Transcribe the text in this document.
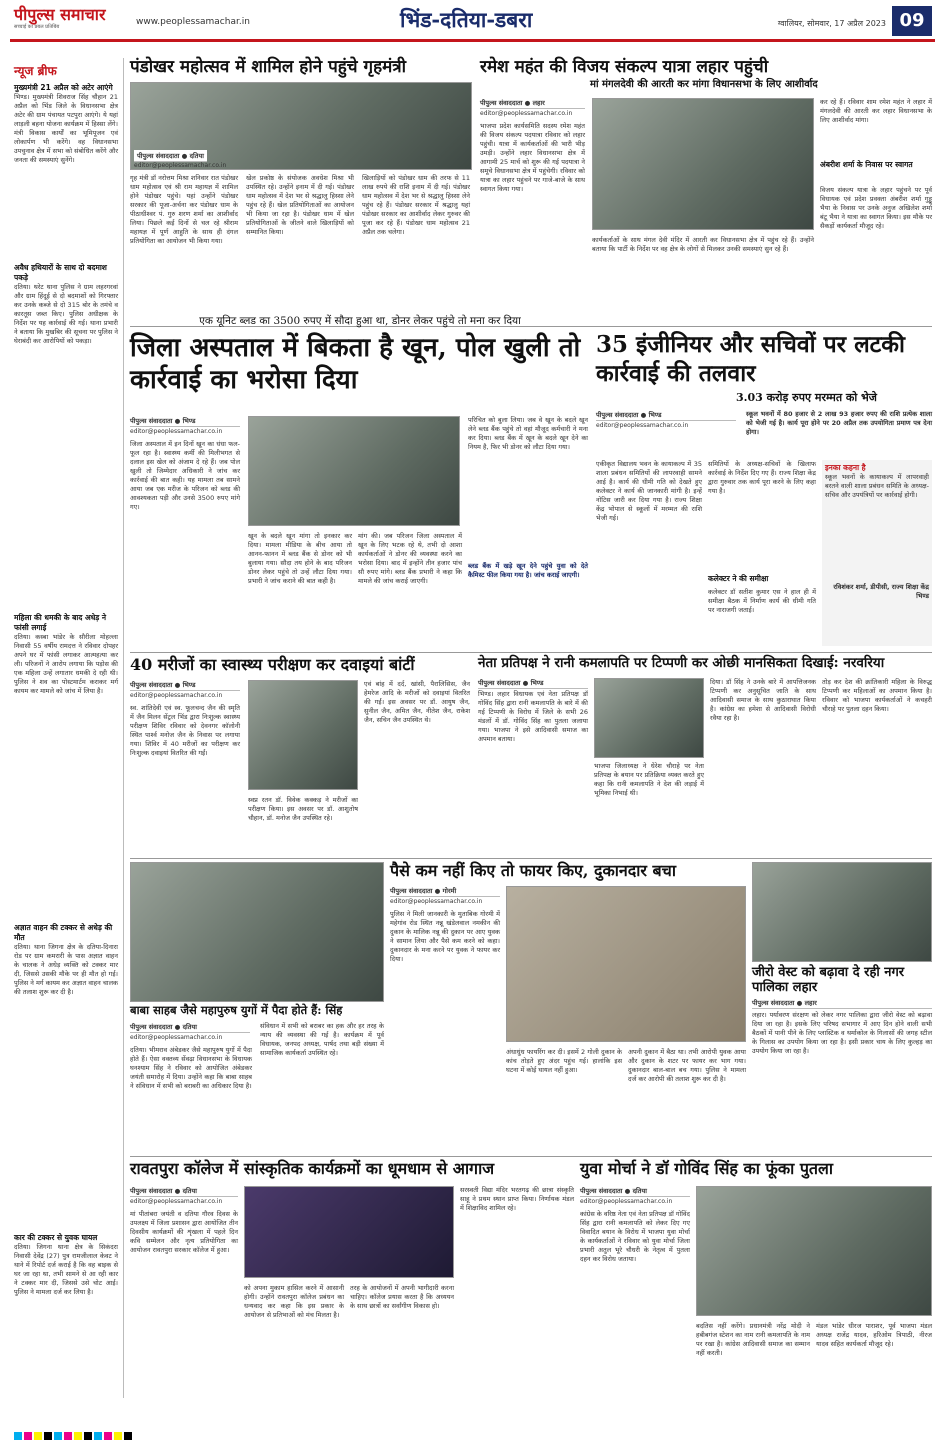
पीपुल्स समाचार
सच्चाई का प्रबल प्रतिबिंब	www.peoplessamachar.in	भिंड-दतिया-डबरा	ग्वालियर, सोमवार, 17 अप्रैल 2023 09
न्यूज ब्रीफ
मुख्यमंत्री 21 अप्रैल को अटेर आएंगे
भिण्ड। मुख्यमंत्री शिवराज सिंह चौहान 21 अप्रैल को भिंड जिले के विधानसभा क्षेत्र अटेर की ग्राम पंचायत पटपुरा आएंगे। ये यहां लाड़ली बहना योजना कार्यक्रम में हिस्सा लेंगे। मंत्री विकास कार्यों का भूमिपूजन एवं लोकार्पण भी करेंगे। वह विधानसभा उपचुनाव क्षेत्र में सभा को संबोधित करेंगे और जनता की समस्याएं सुनेंगे।
अवैध हथियारों के साथ दो बदमाश पकड़े
दतिया। थरेट थाना पुलिस ने ग्राम लहरगरवां और ग्राम हिंदूई से दो बदमाशों को गिरफ्तार कर उनके कब्जे से दो 315 बोर के तमंचे व कारतूस जब्त किए। पुलिस अधीक्षक के निर्देश पर यह कार्रवाई की गई। थाना प्रभारी ने बताया कि मुखबिर की सूचना पर पुलिस ने घेराबंदी कर आरोपियों को पकड़ा।
महिला की धमकी के बाद अधेड़ ने फांसी लगाई
दतिया। कस्बा भांडेर के सौरीला मोहल्ला निवासी 55 वर्षीय रामदत्त ने रविवार दोपहर अपने घर में फांसी लगाकर आत्महत्या कर ली। परिजनों ने आरोप लगाया कि पड़ोस की एक महिला उन्हें लगातार धमकी दे रही थी। पुलिस ने शव का पोस्टमार्टम कराकर मर्ग कायम कर मामले को जांच में लिया है।
अज्ञात वाहन की टक्कर से अधेड़ की मौत
दतिया। थाना जिगना क्षेत्र के दतिया-दिनारा रोड पर ग्राम कमरारी के पास अज्ञात वाहन के चालक ने अधेड़ व्यक्ति को टक्कर मार दी, जिससे उसकी मौके पर ही मौत हो गई। पुलिस ने मर्ग कायम कर अज्ञात वाहन चालक की तलाश शुरू कर दी है।
कार की टक्कर से युवक घायल
दतिया। जिगना थाना क्षेत्र के सिकंदरा निवासी देवेंद्र (27) पुत्र रामजीलाल केवट ने थाने में रिपोर्ट दर्ज कराई है कि वह बाइक से घर जा रहा था, तभी सामने से आ रही कार ने टक्कर मार दी, जिससे उसे चोट आई। पुलिस ने मामला दर्ज कर लिया है।
पंडोखर महोत्सव में शामिल होने पहुंचे गृहमंत्री
पीपुल्स संवाददाता ● दतिया
editor@peoplessamachar.co.in
गृह मंत्री डॉ नरोत्तम मिश्रा शनिवार रात पंडोखर धाम महोत्सव एवं श्री राम महायज्ञ में शामिल होने पंडोखर पहुंचे। यहां उन्होंने पंडोखर सरकार की पूजा-अर्चना कर पंडोखर धाम के पीठाधीश्वर पं. गुरु शरण शर्मा का आशीर्वाद लिया। पिछले कई दिनों से चल रहे श्रीराम महायज्ञ में पूर्ण आहुति के साथ ही दंगल प्रतियोगिता का आयोजन भी किया गया।
खेल प्रकोष्ठ के संयोजक अवधेश मिश्रा भी उपस्थित रहे। उन्होंने इनाम में दी गई। पंडोखर धाम महोत्सव में देश भर से श्रद्धालु हिस्सा लेने पहुंच रहे हैं। खेल प्रतियोगिताओं का आयोजन भी किया जा रहा है। पंडोखर धाम में खेल प्रतियोगिताओं के जीतने वाले खिलाड़ियों को सम्मानित किया।
खिलाड़ियों को पंडोखर धाम की तरफ से 11 लाख रुपये की राशि इनाम में दी गई। पंडोखर धाम महोत्सव में देश भर से श्रद्धालु हिस्सा लेने पहुंच रहे हैं। पंडोखर सरकार में श्रद्धालु यहां पंडोखर सरकार का आशीर्वाद लेकर गुरुवर की पूजा कर रहे हैं। पंडोखर धाम महोत्सव 21 अप्रैल तक चलेगा।
रमेश महंत की विजय संकल्प यात्रा लहार पहुंची
मां मंगलदेवी की आरती कर मांगा विधानसभा के लिए आशीर्वाद
पीपुल्स संवाददाता ● लहार
editor@peoplessamachar.co.in
भाजपा प्रदेश कार्यसमिति सदस्य रमेश महंत की विजय संकल्प पदयात्रा रविवार को लहार पहुंची। यात्रा में कार्यकर्ताओं की भारी भीड़ उमड़ी। उन्होंने लहार विधानसभा क्षेत्र में आगामी 25 मार्च को शुरू की गई पदयात्रा ने समूचे विधानसभा क्षेत्र में पहुंचेगी। रविवार को यात्रा का लहार पहुंचने पर गाजे-बाजे के साथ स्वागत किया गया।
कार्यकर्ताओं के साथ मंगल देवी मंदिर में आरती कर विधानसभा क्षेत्र में पहुंच रहे हैं। उन्होंने बताया कि पार्टी के निर्देश पर वह क्षेत्र के लोगों से मिलकर उनकी समस्याएं सुन रहे हैं।
कर रहे हैं। रविवार शाम रमेश महंत ने लहार में मंगलदेवी की आरती कर लहार विधानसभा के लिए आशीर्वाद मांगा।
अंबरीश शर्मा के निवास पर स्वागत
विजय संकल्प यात्रा के लहार पहुंचने पर पूर्व विधायक एवं प्रदेश प्रवक्ता अंबरीश शर्मा गुड्डू भैया के निवास पर उनके अनुज अखिलेश शर्मा बंटू भैया ने यात्रा का स्वागत किया। इस मौके पर सैकड़ों कार्यकर्ता मौजूद रहे।
एक यूनिट ब्लड का 3500 रुपए में सौदा हुआ था, डोनर लेकर पहुंचे तो मना कर दिया
जिला अस्पताल में बिकता है खून, पोल खुली तो कार्रवाई का भरोसा दिया
पीपुल्स संवाददाता ● भिण्ड
editor@peoplessamachar.co.in
जिला अस्पताल में इन दिनों खून का धंधा फल-फूल रहा है। स्वास्थ्य कर्मी की मिलीभगत से दलाल इस खेल को अंजाम दे रहे हैं। जब पोल खुली तो जिम्मेदार अधिकारी ने जांच कर कार्रवाई की बात कही। यह मामला तब सामने आया जब एक मरीज के परिजन को ब्लड की आवश्यकता पड़ी और उनसे 3500 रुपए मांगे गए।
खून के बदले खून मांगा तो इनकार कर दिया। मामला मीडिया के बीच आया तो आनन-फानन में ब्लड बैंक से डोनर को भी बुलाया गया। सौदा तय होने के बाद परिजन डोनर लेकर पहुंचे तो उन्हें लौटा दिया गया। प्रभारी ने जांच कराने की बात कही है।
मांग की। जब परिजन जिला अस्पताल में खून के लिए भटक रहे थे, तभी दो आशा कार्यकर्ताओं ने डोनर की व्यवस्था करने का भरोसा दिया। बाद में इन्होंने तीन हजार पांच सौ रुपए मांगे। ब्लड बैंक प्रभारी ने कहा कि मामले की जांच कराई जाएगी।
परिचित को बुला लिया। जब वे खून के बदले खून लेने ब्लड बैंक पहुंचे तो वहां मौजूद कर्मचारी ने मना कर दिया। ब्लड बैंक में खून के बदले खून देने का नियम है, फिर भी डोनर को लौटा दिया गया।
ब्लड बैंक में खड़े खून देने पहुंचे युवा को देते कैमिस्ट फील किया गया है। जांच कराई जाएगी।
35 इंजीनियर और सचिवों पर लटकी कार्रवाई की तलवार
3.03 करोड़ रुपए मरम्मत को भेजे
स्कूल भवनों में 80 हजार से 2 लाख 93 हजार रुपए की राशि प्रत्येक शाला को भेजी गई है। कार्य पूरा होने पर 20 अप्रैल तक उपयोगिता प्रमाण पत्र देना होगा।
पीपुल्स संवाददाता ● भिण्ड
editor@peoplessamachar.co.in
एकीकृत विद्यालय भवन के कायाकल्प में 35 शाला प्रबंधन समितियों की लापरवाही सामने आई है। कार्य की धीमी गति को देखते हुए कलेक्टर ने कार्य की जानकारी मांगी है। इन्हें नोटिस जारी कर दिया गया है। राज्य शिक्षा केंद्र भोपाल से स्कूलों में मरम्मत की राशि भेजी गई।
समितियों के अध्यक्ष-सचिवों के खिलाफ कार्रवाई के निर्देश दिए गए हैं। राज्य शिक्षा केंद्र द्वारा गुरुवार तक कार्य पूरा करने के लिए कहा गया है।
कलेक्टर ने की समीक्षा
कलेक्टर डॉ सतीश कुमार एस ने हाल ही में समीक्षा बैठक में निर्माण कार्य की धीमी गति पर नाराजगी जताई।
इनका कहना है
स्कूल भवनों के कायाकल्प में लापरवाही बरतने वाली शाला प्रबंधन समिति के अध्यक्ष-सचिव और उपयंत्रियों पर कार्रवाई होगी।
रविशंकर शर्मा, डीपीसी, राज्य शिक्षा केंद्र भिण्ड
40 मरीजों का स्वास्थ्य परीक्षण कर दवाइयां बांटीं
पीपुल्स संवाददाता ● भिण्ड
editor@peoplessamachar.co.in
स्व. शांतिदेवी एवं स्व. फूलचन्द जैन की स्मृति में जैन मिलन सेंट्रल भिंड द्वारा निःशुल्क स्वास्थ्य परीक्षण शिविर रविवार को देवनगर कॉलोनी स्थित पार्श्व मनोज जैन के निवास पर लगाया गया। शिविर में 40 मरीजों का परीक्षण कर निःशुल्क दवाइयां वितरित की गईं।
स्वप्न रतन डॉ. विवेक कक्कड़ ने मरीजों का परीक्षण किया। इस अवसर पर डॉ. आशुतोष चौहान, डॉ. मनोज जैन उपस्थित रहे।
एवं बांह में दर्द, खांसी, पैरालिसिस, जैन हेमरेज आदि के मरीजों को दवाइयां वितरित की गईं। इस अवसर पर डॉ. आयुष जैन, सुनील जैन, अमित जैन, नीतेश जैन, राकेश जैन, सचिन जैन उपस्थित थे।
नेता प्रतिपक्ष ने रानी कमलापति पर टिप्पणी कर ओछी मानसिकता दिखाई: नरवरिया
पीपुल्स संवाददाता ● भिण्ड
भिण्ड। लहार विधायक एवं नेता प्रतिपक्ष डॉ गोविंद सिंह द्वारा रानी कमलापति के बारे में की गई टिप्पणी के विरोध में जिले के सभी 26 मंडलों में डॉ. गोविंद सिंह का पुतला जलाया गया। भाजपा ने इसे आदिवासी समाज का अपमान बताया।
भाजपा जिलाध्यक्ष ने धेरेश चौराहे पर नेता प्रतिपक्ष के बयान पर प्रतिक्रिया व्यक्त करते हुए कहा कि रानी कमलापति ने देश की लड़ाई में भूमिका निभाई थी।
दिया। डॉ सिंह ने उनके बारे में आपत्तिजनक टिप्पणी कर अनुसूचित जाति के साथ आदिवासी समाज के साथ कुठाराघात किया है। कांग्रेस का हमेशा से आदिवासी विरोधी रवैया रहा है।
तोड़ कर देश की क्रांतिकारी महिला के विरुद्ध टिप्पणी कर महिलाओं का अपमान किया है। रविवार को भाजपा कार्यकर्ताओं ने कचहरी चौराहे पर पुतला दहन किया।
पैसे कम नहीं किए तो फायर किए, दुकानदार बचा
पीपुल्स संवाददाता ● गोरमी
editor@peoplessamachar.co.in
पुलिस ने मिली जानकारी के मुताबिक गोरमी में महेगांव रोड स्थित नन्नू खंडेलवाल नमकीन की दुकान के मालिक नन्नू की दुकान पर आए युवक ने सामान लिया और पैसे कम करने को कहा। दुकानदार के मना करने पर युवक ने फायर कर दिया।
अंधाधुंध फायरिंग कर दी। इसमें 2 गोली दुकान के कांच तोड़ते हुए अंदर पहुंच गई। हालांकि इस घटना में कोई घायल नहीं हुआ।
अपनी दुकान में बैठा था। तभी आरोपी युवक आया और दुकान के शटर पर फायर कर भाग गया। दुकानदार बाल-बाल बच गया। पुलिस ने मामला दर्ज कर आरोपी की तलाश शुरू कर दी है।
बाबा साहब जैसे महापुरुष युगों में पैदा होते हैं: सिंह
पीपुल्स संवाददाता ● दतिया
editor@peoplessamachar.co.in
दतिया। भीमराव अंबेडकर जैसे महापुरुष युगों में पैदा होते हैं। ऐसा वक्तव्य सेंवढ़ा विधानसभा के विधायक घनश्याम सिंह ने रविवार को आयोजित अंबेडकर जयंती समारोह में दिया। उन्होंने कहा कि बाबा साहब ने संविधान में सभी को बराबरी का अधिकार दिया है।
संविधान में सभी को बराबर का हक और हर तरह के न्याय की व्यवस्था की गई है। कार्यक्रम में पूर्व विधायक, जनपद अध्यक्ष, पार्षद तथा बड़ी संख्या में सामाजिक कार्यकर्ता उपस्थित रहे।
जीरो वेस्ट को बढ़ावा दे रही नगर पालिका लहार
पीपुल्स संवाददाता ● लहार
लहार। पर्यावरण संरक्षण को लेकर नगर पालिका द्वारा जीरो वेस्ट को बढ़ावा दिया जा रहा है। इसके लिए परिषद सभागार में आए दिन होने वाली सभी बैठकों में पानी पीने के लिए प्लास्टिक व थर्माकोल के गिलासों की जगह स्टील के गिलास का उपयोग किया जा रहा है। इसी प्रकार चाय के लिए कुल्हड़ का उपयोग किया जा रहा है।
रावतपुरा कॉलेज में सांस्कृतिक कार्यक्रमों का धूमधाम से आगाज
पीपुल्स संवाददाता ● दतिया
editor@peoplessamachar.co.in
मां पीतांबरा जयंती व दतिया गौरव दिवस के उपलक्ष्य में जिला प्रशासन द्वारा आयोजित तीन दिवसीय कार्यक्रमों की शृंखला में पहले दिन कवि सम्मेलन और नृत्य प्रतियोगिता का आयोजन रावतपुरा सरकार कॉलेज में हुआ।
को अपना मुकाम हासिल करने में आसानी होगी। उन्होंने रावतपुरा कॉलेज प्रबंधन का धन्यवाद कर कहा कि इस प्रकार के आयोजन से प्रतिभाओं को मंच मिलता है।
तरह के आयोजनों में अपनी भागीदारी करना चाहिए। कॉलेज प्रयास करता है कि अध्ययन के साथ छात्रों का सर्वांगीण विकास हो।
सरस्वती विद्या मंदिर भरतगढ़ की छात्रा संस्कृति साहू ने प्रथम स्थान प्राप्त किया। निर्णायक मंडल में शिक्षाविद शामिल रहे।
युवा मोर्चा ने डॉ गोविंद सिंह का फूंका पुतला
पीपुल्स संवाददाता ● दतिया
editor@peoplessamachar.co.in
कांग्रेस के वरिष्ठ नेता एवं नेता प्रतिपक्ष डॉ गोविंद सिंह द्वारा रानी कमलापति को लेकर दिए गए विवादित बयान के विरोध में भाजपा युवा मोर्चा के कार्यकर्ताओं ने रविवार को युवा मोर्चा जिला प्रभारी अतुल भूरे चौधरी के नेतृत्व में पुतला दहन कर विरोध जताया।
बदतिस नहीं करेंगे। प्रधानमंत्री नरेंद्र मोदी ने हबीबगंज स्टेशन का नाम रानी कमलापति के नाम पर रखा है। कांग्रेस आदिवासी समाज का सम्मान नहीं करती।
मंडल भांडेर धीरज पाराशर, पूर्व भाजपा मंडल अध्यक्ष राजेंद्र यादव, हरिओम त्रिपाठी, नीरज यादव सहित कार्यकर्ता मौजूद रहे।
